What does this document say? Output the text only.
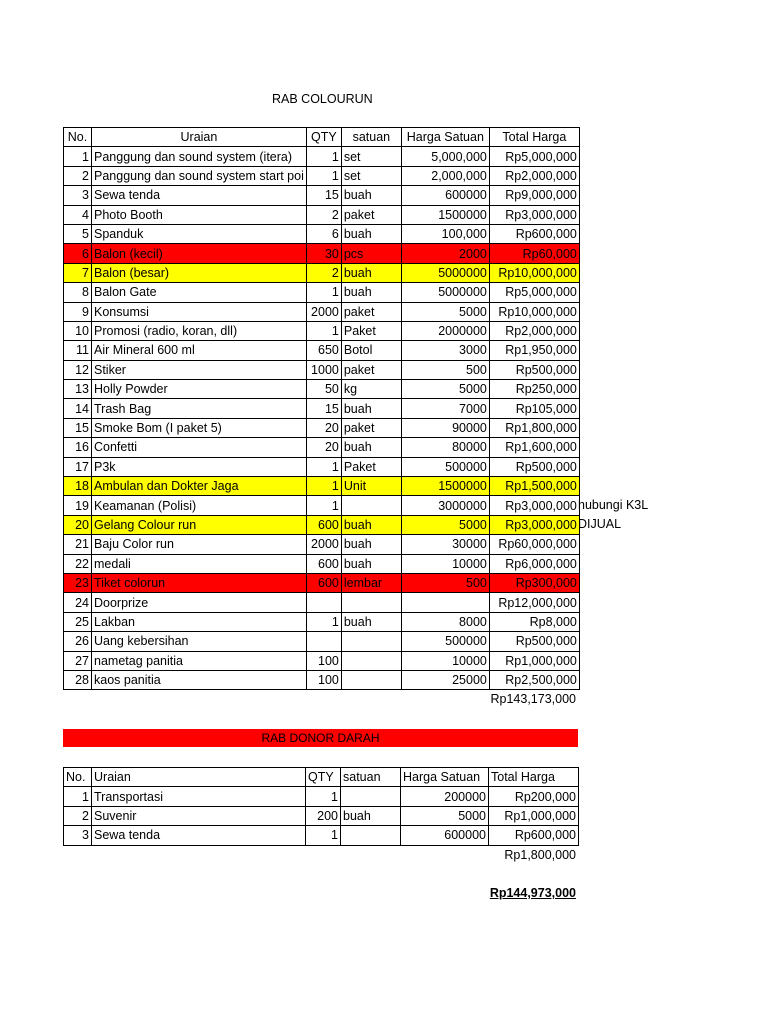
RAB COLOURUN
No.	Uraian	QTY	satuan	Harga Satuan	Total Harga
1	Panggung dan sound system (itera)	1	set	5,000,000	Rp5,000,000
2	Panggung dan sound system start poi	1	set	2,000,000	Rp2,000,000
3	Sewa tenda	15	buah	600000	Rp9,000,000
4	Photo Booth	2	paket	1500000	Rp3,000,000
5	Spanduk	6	buah	100,000	Rp600,000
6	Balon (kecil)	30	pcs	2000	Rp60,000
7	Balon (besar)	2	buah	5000000	Rp10,000,000
8	Balon Gate	1	buah	5000000	Rp5,000,000
9	Konsumsi	2000	paket	5000	Rp10,000,000
10	Promosi (radio, koran, dll)	1	Paket	2000000	Rp2,000,000
11	Air Mineral 600 ml	650	Botol	3000	Rp1,950,000
12	Stiker	1000	paket	500	Rp500,000
13	Holly Powder	50	kg	5000	Rp250,000
14	Trash Bag	15	buah	7000	Rp105,000
15	Smoke Bom (I paket 5)	20	paket	90000	Rp1,800,000
16	Confetti	20	buah	80000	Rp1,600,000
17	P3k	1	Paket	500000	Rp500,000
18	Ambulan dan Dokter Jaga	1	Unit	1500000	Rp1,500,000
19	Keamanan (Polisi)	1		3000000	Rp3,000,000
20	Gelang Colour run	600	buah	5000	Rp3,000,000
21	Baju Color run	2000	buah	30000	Rp60,000,000
22	medali	600	buah	10000	Rp6,000,000
23	Tiket colorun	600	lembar	500	Rp300,000
24	Doorprize				Rp12,000,000
25	Lakban	1	buah	8000	Rp8,000
26	Uang kebersihan			500000	Rp500,000
27	nametag panitia	100		10000	Rp1,000,000
28	kaos panitia	100		25000	Rp2,500,000
hubungi K3L
DIJUAL
Rp143,173,000
RAB DONOR DARAH
No.	Uraian	QTY	satuan	Harga Satuan	Total Harga
1	Transportasi	1		200000	Rp200,000
2	Suvenir	200	buah	5000	Rp1,000,000
3	Sewa tenda	1		600000	Rp600,000
Rp1,800,000
Rp144,973,000
